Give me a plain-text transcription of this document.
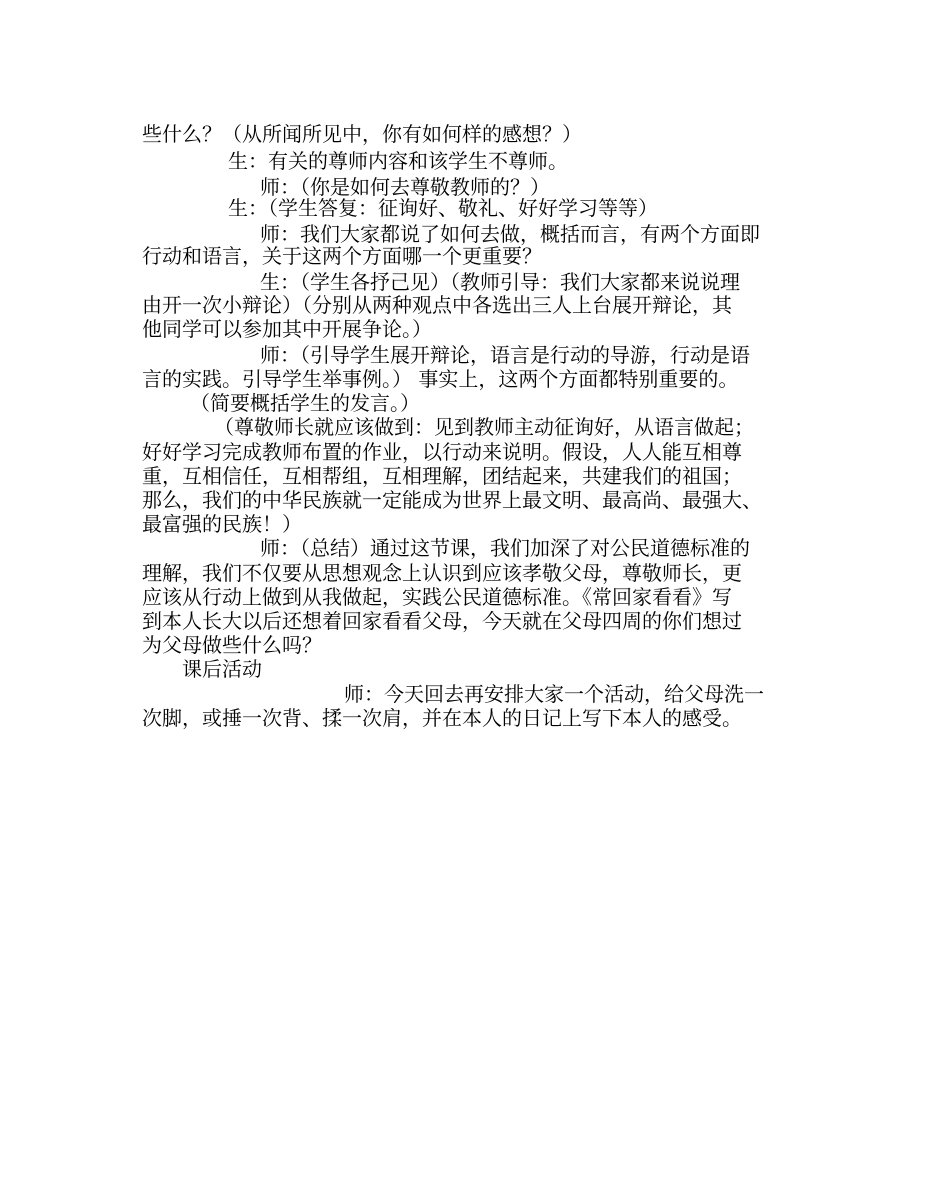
些什么？（从所闻所见中，你有如何样的感想？）
生：有关的尊师内容和该学生不尊师。
师：（你是如何去尊敬教师的？）
生：（学生答复：征询好、敬礼、好好学习等等）
师：我们大家都说了如何去做，概括而言，有两个方面即
行动和语言，关于这两个方面哪一个更重要？
生：（学生各抒己见）（教师引导：我们大家都来说说理
由开一次小辩论）（分别从两种观点中各选出三人上台展开辩论，其
他同学可以参加其中开展争论。）
师：（引导学生展开辩论，语言是行动的导游，行动是语
言的实践。引导学生举事例。） 事实上，这两个方面都特别重要的。
（简要概括学生的发言。）
（尊敬师长就应该做到：见到教师主动征询好，从语言做起；
好好学习完成教师布置的作业，以行动来说明。假设，人人能互相尊
重，互相信任，互相帮组，互相理解，团结起来，共建我们的祖国；
那么，我们的中华民族就一定能成为世界上最文明、最高尚、最强大、
最富强的民族！）
师：（总结）通过这节课，我们加深了对公民道德标准的
理解，我们不仅要从思想观念上认识到应该孝敬父母，尊敬师长，更
应该从行动上做到从我做起，实践公民道德标准。《常回家看看》写
到本人长大以后还想着回家看看父母，今天就在父母四周的你们想过
为父母做些什么吗？
课后活动
师：今天回去再安排大家一个活动，给父母洗一
次脚，或捶一次背、揉一次肩，并在本人的日记上写下本人的感受。
